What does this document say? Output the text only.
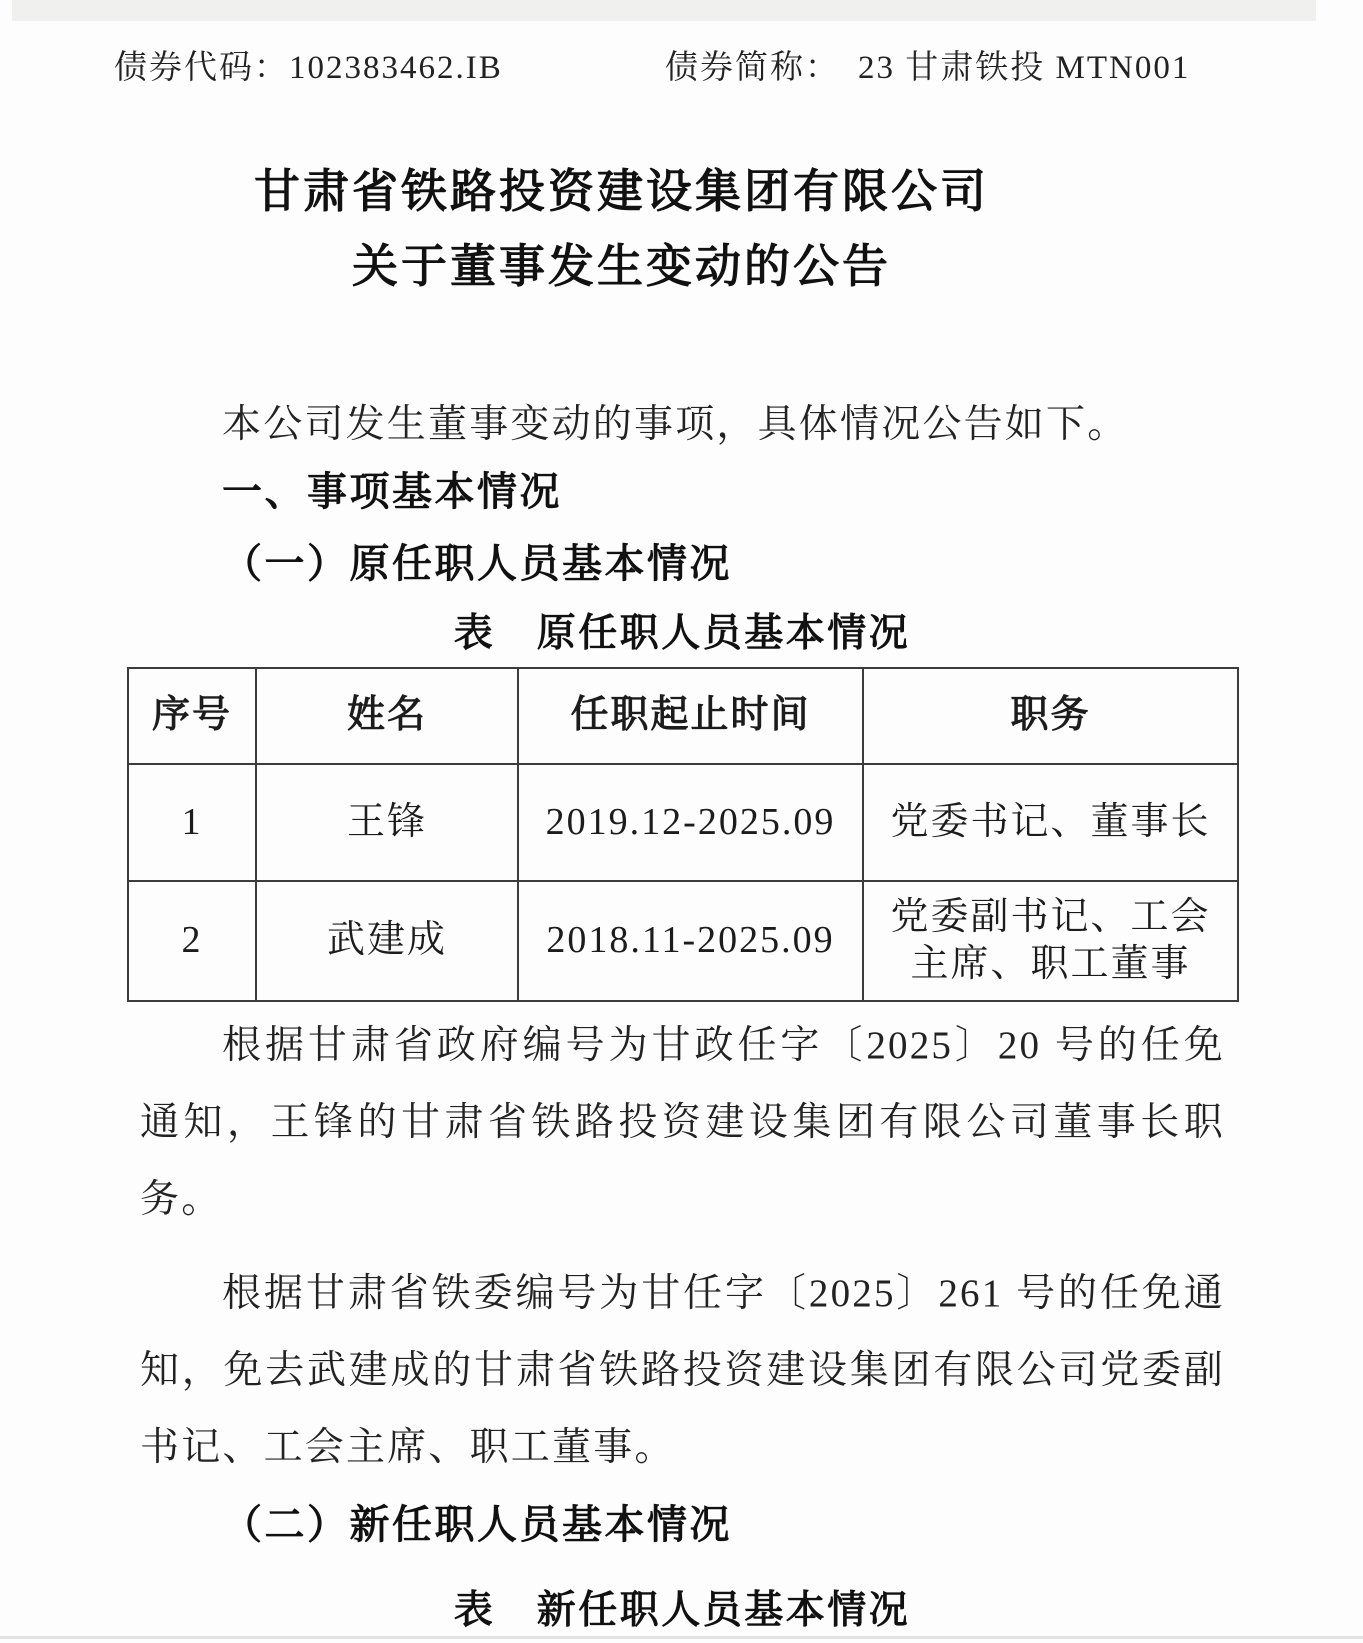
债券代码：102383462.IB	债券简称： 23 甘肃铁投 MTN001
甘肃省铁路投资建设集团有限公司
关于董事发生变动的公告
本公司发生董事变动的事项，具体情况公告如下。
一、事项基本情况
（一）原任职人员基本情况
表　原任职人员基本情况
序号	姓名	任职起止时间	职务
1	王锋	2019.12-2025.09	党委书记、董事长
2	武建成	2018.11-2025.09	党委副书记、工会主席、职工董事
根据甘肃省政府编号为甘政任字〔2025〕20 号的任免通知，王锋的甘肃省铁路投资建设集团有限公司董事长职务。
根据甘肃省铁委编号为甘任字〔2025〕261 号的任免通知，免去武建成的甘肃省铁路投资建设集团有限公司党委副书记、工会主席、职工董事。
（二）新任职人员基本情况
表　新任职人员基本情况
